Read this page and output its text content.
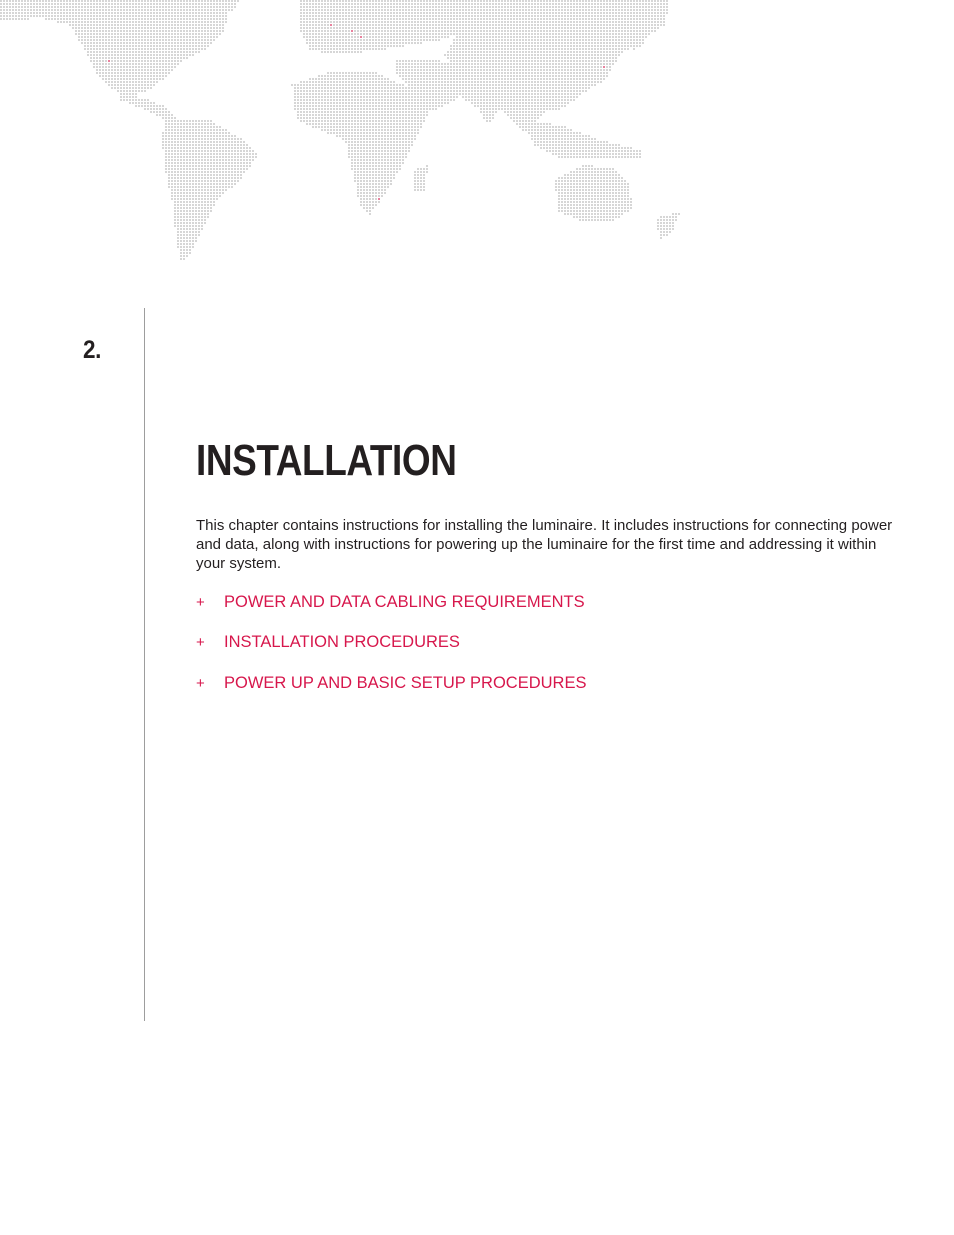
2.
INSTALLATION

This chapter contains instructions for installing the luminaire. It includes instructions for connecting power and data, along with instructions for powering up the luminaire for the first time and addressing it within your system.

+ POWER AND DATA CABLING REQUIREMENTS
+ INSTALLATION PROCEDURES
+ POWER UP AND BASIC SETUP PROCEDURES
